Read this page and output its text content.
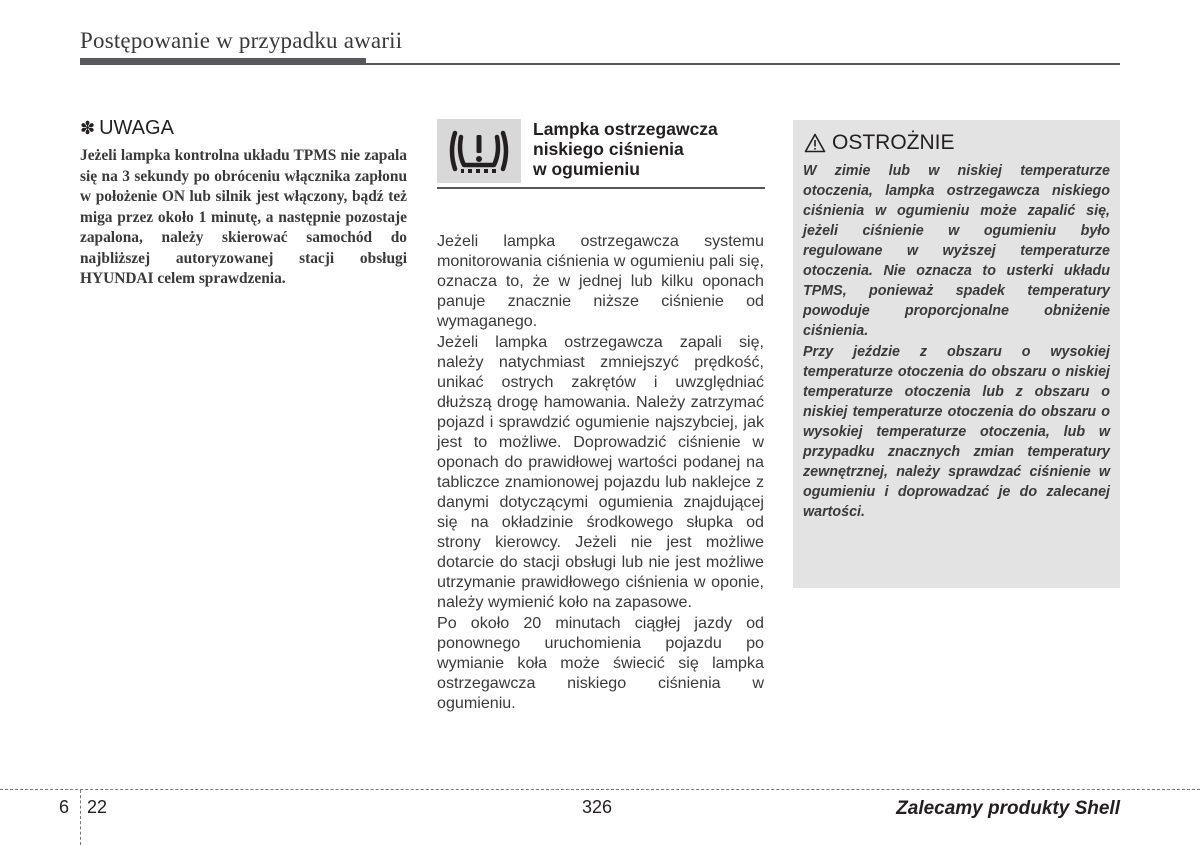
Postępowanie w przypadku awarii
✽ UWAGA

Jeżeli lampka kontrolna układu TPMS nie zapala się na 3 sekundy po obróceniu włącznika zapłonu w położenie ON lub silnik jest włączony, bądź też miga przez około 1 minutę, a następnie pozostaje zapalona, należy skierować samochód do najbliższej autoryzowanej stacji obsługi HYUNDAI celem sprawdzenia.

Lampka ostrzegawcza
niskiego ciśnienia
w ogumieniu

Jeżeli lampka ostrzegawcza systemu monitorowania ciśnienia w ogumieniu pali się, oznacza to, że w jednej lub kilku oponach panuje znacznie niższe ciśnienie od wymaganego.

Jeżeli lampka ostrzegawcza zapali się, należy natychmiast zmniejszyć prędkość, unikać ostrych zakrętów i uwzględniać dłuższą drogę hamowania. Należy zatrzymać pojazd i sprawdzić ogumienie najszybciej, jak jest to możliwe. Doprowadzić ciśnienie w oponach do prawidłowej wartości podanej na tabliczce znamionowej pojazdu lub naklejce z danymi dotyczącymi ogumienia znajdującej się na okładzinie środkowego słupka od strony kierowcy. Jeżeli nie jest możliwe dotarcie do stacji obsługi lub nie jest możliwe utrzymanie prawidłowego ciśnienia w oponie, należy wymienić koło na zapasowe.

Po około 20 minutach ciągłej jazdy od ponownego uruchomienia pojazdu po wymianie koła może świecić się lampka ostrzegawcza niskiego ciśnienia w ogumieniu.

OSTROŻNIE

W zimie lub w niskiej temperaturze otoczenia, lampka ostrzegawcza niskiego ciśnienia w ogumieniu może zapalić się, jeżeli ciśnienie w ogumieniu było regulowane w wyższej temperaturze otoczenia. Nie oznacza to usterki układu TPMS, ponieważ spadek temperatury powoduje proporcjonalne obniżenie ciśnienia.

Przy jeździe z obszaru o wysokiej temperaturze otoczenia do obszaru o niskiej temperaturze otoczenia lub z obszaru o niskiej temperaturze otoczenia do obszaru o wysokiej temperaturze otoczenia, lub w przypadku znacznych zmian temperatury zewnętrznej, należy sprawdzać ciśnienie w ogumieniu i doprowadzać je do zalecanej wartości.

6 22	326	Zalecamy produkty Shell
